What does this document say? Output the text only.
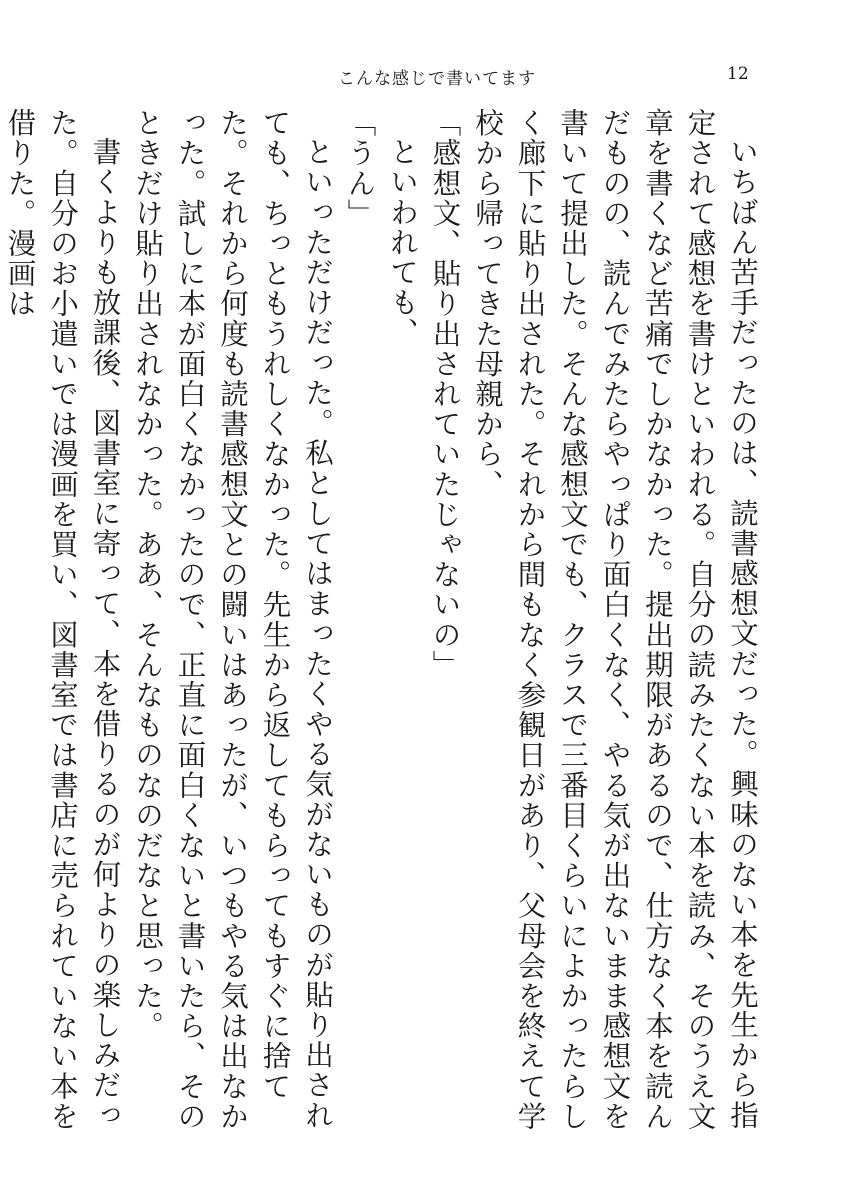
こんな感じで書いてます	12

いちばん苦手だったのは、読書感想文だった。興味のない本を先生から指定されて感想を書けといわれる。自分の読みたくない本を読み、そのうえ文章を書くなど苦痛でしかなかった。提出期限があるので、仕方なく本を読んだものの、読んでみたらやっぱり面白くなく、やる気が出ないまま感想文を書いて提出した。そんな感想文でも、クラスで三番目くらいによかったらしく廊下に貼り出された。それから間もなく参観日があり、父母会を終えて学校から帰ってきた母親から、

「感想文、貼り出されていたじゃないの」

といわれても、

「うん」

といっただけだった。私としてはまったくやる気がないものが貼り出されても、ちっともうれしくなかった。先生から返してもらってもすぐに捨てた。それから何度も読書感想文との闘いはあったが、いつもやる気は出なかった。試しに本が面白くなかったので、正直に面白くないと書いたら、そのときだけ貼り出されなかった。ああ、そんなものなのだなと思った。

書くよりも放課後、図書室に寄って、本を借りるのが何よりの楽しみだった。自分のお小遣いでは漫画を買い、図書室では書店に売られていない本を借りた。漫画は
